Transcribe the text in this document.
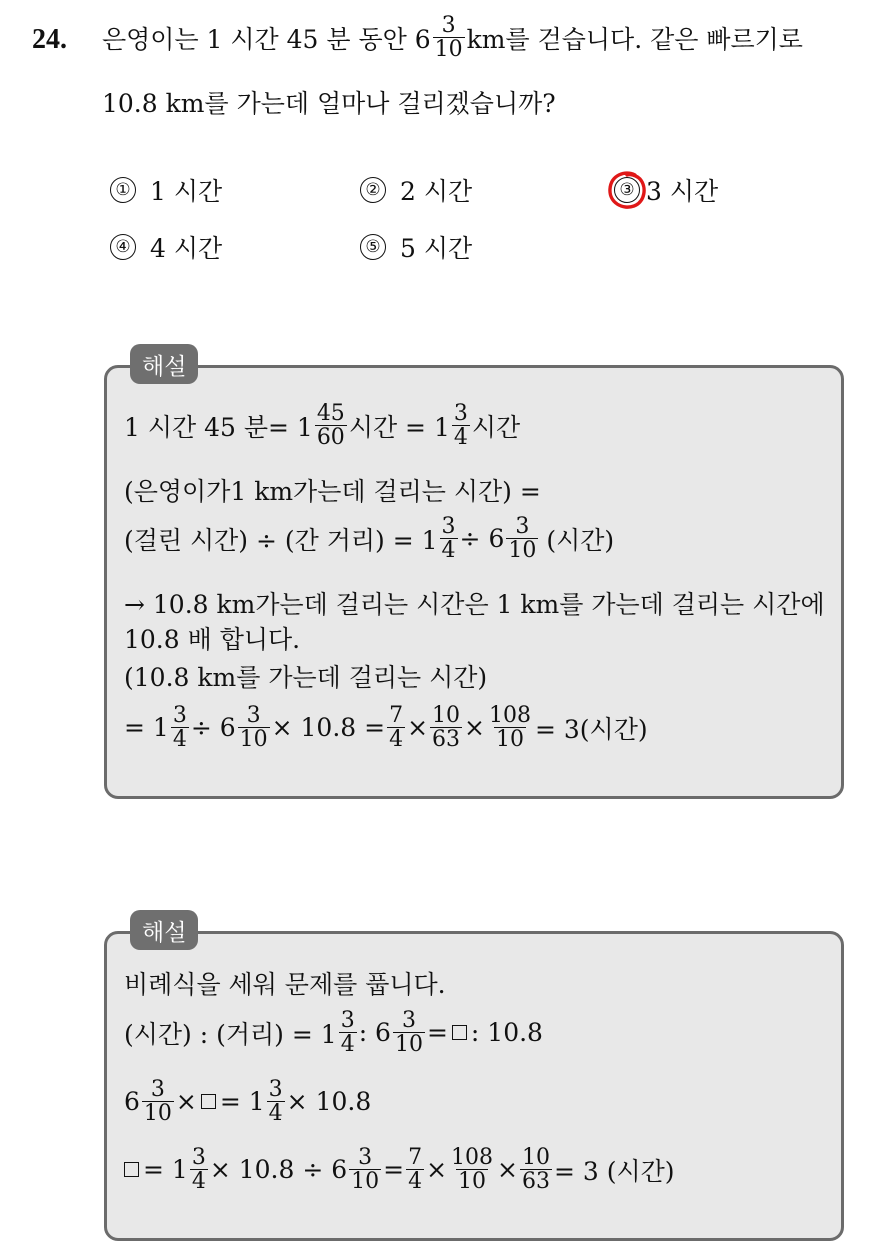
24. 은영이는 1 시간 45 분 동안 $6 \frac{3}{10}$ km를 걷습니다. 같은 빠르기로
10.8 km를 가는데 얼마나 걸리겠습니까?
① 1 시간	② 2 시간	③ 3 시간
④ 4 시간	⑤ 5 시간
해설
1 시간 45 분= $1 \frac{45}{60}$ 시간 = $1 \frac{3}{4}$ 시간
(은영이가1 km가는데 걸리는 시간) =
(걸린 시간) ÷ (간 거리) = $1 \frac{3}{4} \div 6 \frac{3}{10}$ (시간)
→ 10.8 km가는데 걸리는 시간은 1 km를 가는데 걸리는 시간에
10.8 배 합니다.
(10.8 km를 가는데 걸리는 시간)
= $1 \frac{3}{4} \div 6 \frac{3}{10} \times 10.8 = \frac{7}{4} \times \frac{10}{63} \times \frac{108}{10} = 3$(시간)
해설
비례식을 세워 문제를 풉니다.
(시간) : (거리) = $1 \frac{3}{4}$ : $6 \frac{3}{10}$ = : 10.8
$6 \frac{3}{10}$ × = $1 \frac{3}{4} \times 10.8$
= $1 \frac{3}{4} \times 10.8 \div 6 \frac{3}{10} = \frac{7}{4} \times \frac{108}{10} \times \frac{10}{63} = 3$ (시간)
